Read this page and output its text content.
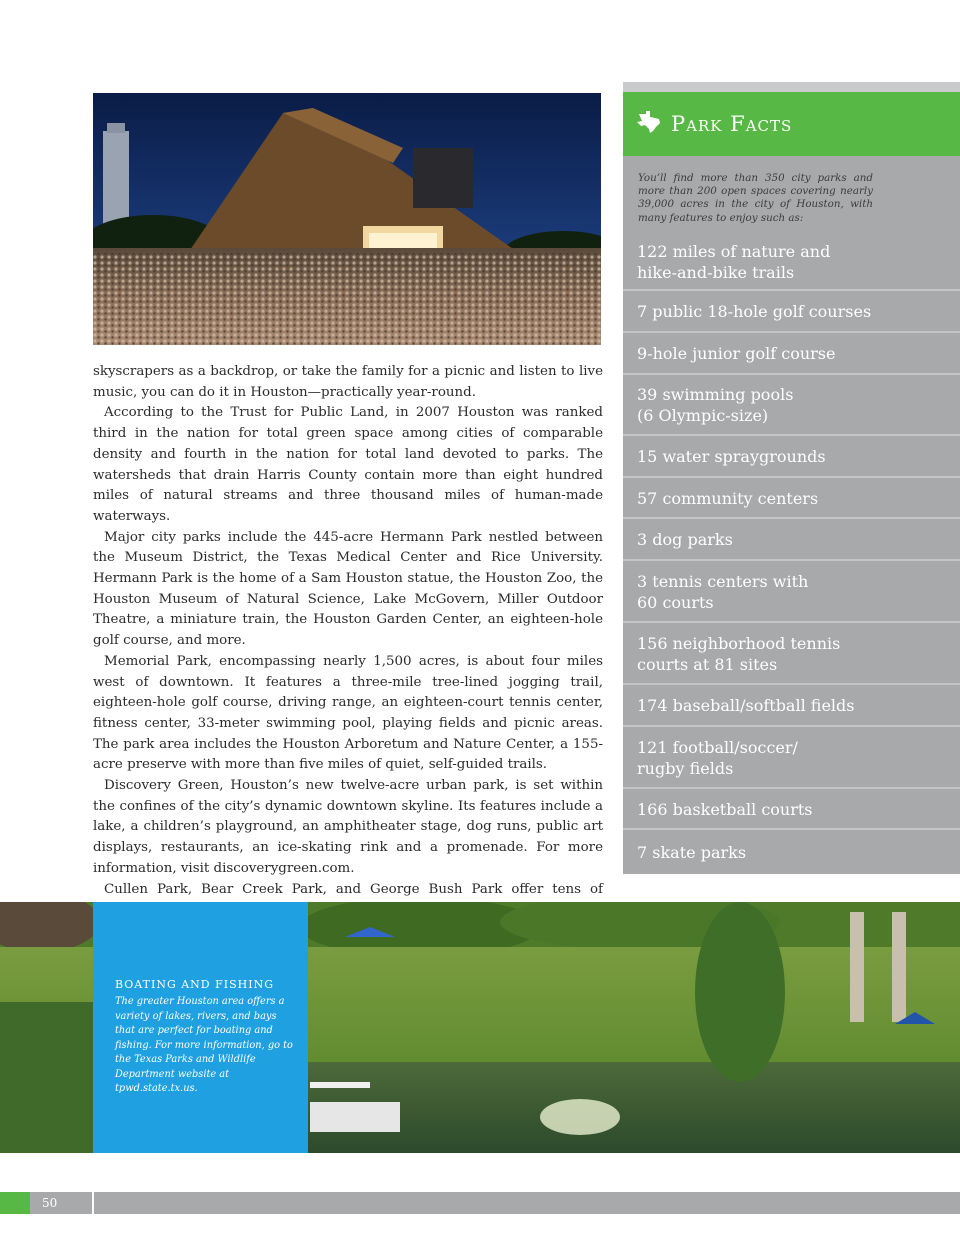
skyscrapers as a backdrop, or take the family for a picnic and listen to live music, you can do it in Houston—practically year-round.

According to the Trust for Public Land, in 2007 Houston was ranked third in the nation for total green space among cities of comparable density and fourth in the nation for total land devoted to parks. The watersheds that drain Harris County contain more than eight hundred miles of natural streams and three thousand miles of human-made waterways.

Major city parks include the 445-acre Hermann Park nestled between the Museum District, the Texas Medical Center and Rice University. Hermann Park is the home of a Sam Houston statue, the Houston Zoo, the Houston Museum of Natural Science, Lake McGovern, Miller Outdoor Theatre, a miniature train, the Houston Garden Center, an eighteen-hole golf course, and more.

Memorial Park, encompassing nearly 1,500 acres, is about four miles west of downtown. It features a three-mile tree-lined jogging trail, eighteen-hole golf course, driving range, an eighteen-court tennis center, fitness center, 33-meter swimming pool, playing fields and picnic areas. The park area includes the Houston Arboretum and Nature Center, a 155-acre preserve with more than five miles of quiet, self-guided trails.

Discovery Green, Houston’s new twelve-acre urban park, is set within the confines of the city’s dynamic downtown skyline. Its features include a lake, a children’s playground, an amphitheater stage, dog runs, public art displays, restaurants, an ice-skating rink and a promenade. For more information, visit discoverygreen.com.

Cullen Park, Bear Creek Park, and George Bush Park offer tens of

Park Facts
You’ll find more than 350 city parks and more than 200 open spaces covering nearly 39,000 acres in the city of Houston, with many features to enjoy such as:
122 miles of nature and
hike-and-bike trails
7 public 18-hole golf courses
9-hole junior golf course
39 swimming pools
(6 Olympic-size)
15 water spraygrounds
57 community centers
3 dog parks
3 tennis centers with
60 courts
156 neighborhood tennis
courts at 81 sites
174 baseball/softball fields
121 football/soccer/
rugby fields
166 basketball courts
7 skate parks
BOATING AND FISHING
The greater Houston area offers a variety of lakes, rivers, and bays that are perfect for boating and fishing. For more information, go to the Texas Parks and Wildlife Department website at tpwd.state.tx.us.
50
